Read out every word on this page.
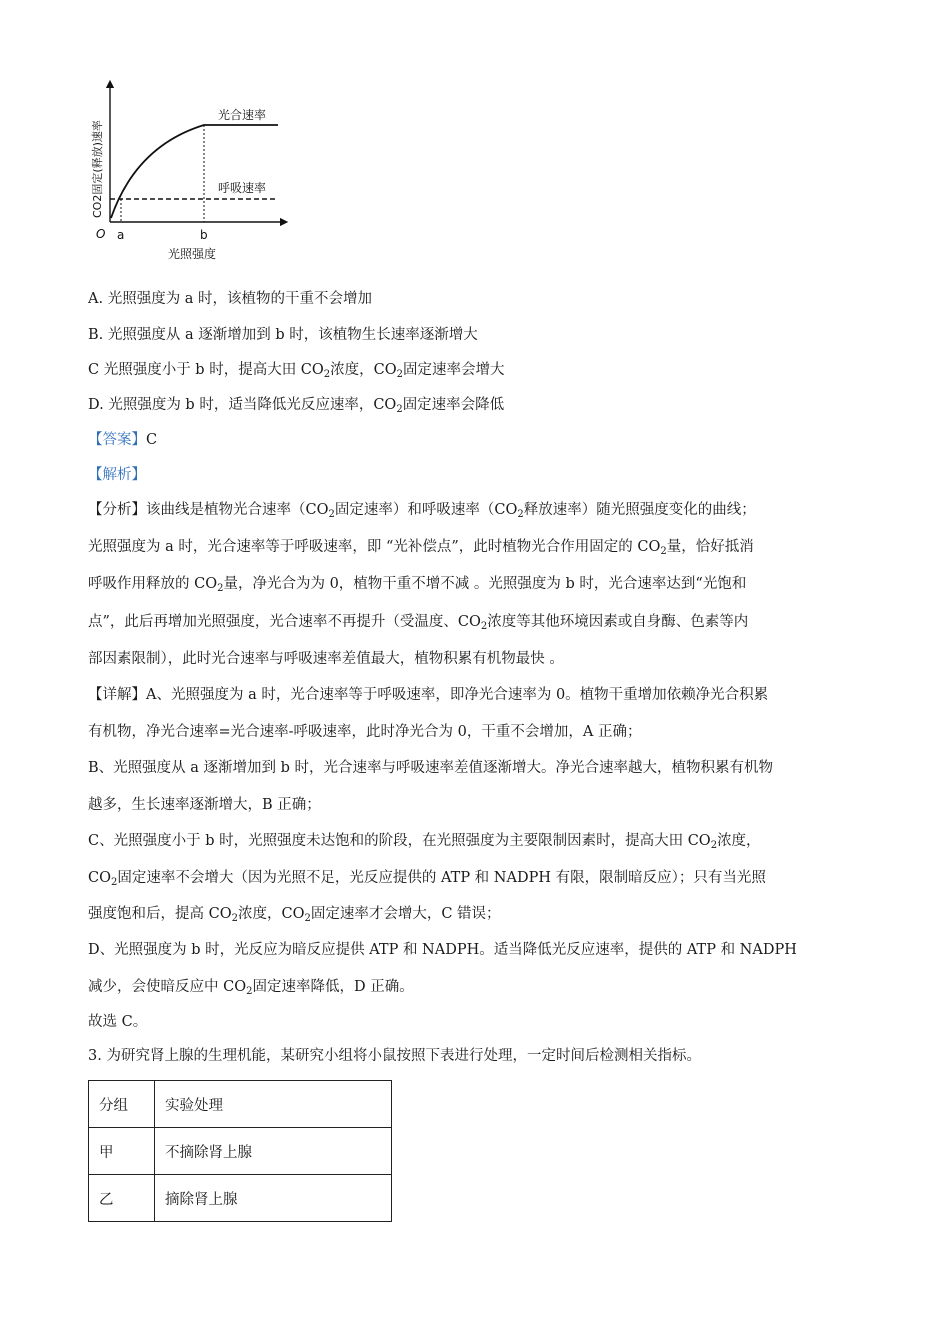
光合速率
呼吸速率
O a	b
光照强度
CO2固定(释放)速率
A. 光照强度为 a 时，该植物的干重不会增加
B. 光照强度从 a 逐渐增加到 b 时，该植物生长速率逐渐增大
C 光照强度小于 b 时，提高大田 $CO_2$浓度，$CO_2$固定速率会增大
D. 光照强度为 b 时，适当降低光反应速率，$CO_2$固定速率会降低
【答案】C
【解析】
【分析】该曲线是植物光合速率（$CO_2$固定速率）和呼吸速率（$CO_2$释放速率）随光照强度变化的曲线；
光照强度为 a 时，光合速率等于呼吸速率，即 “光补偿点”，此时植物光合作用固定的 $CO_2$量，恰好抵消
呼吸作用释放的 $CO_2$量，净光合为为 0，植物干重不增不减 。光照强度为 b 时，光合速率达到“光饱和
点”，此后再增加光照强度，光合速率不再提升（受温度、$CO_2$浓度等其他环境因素或自身酶、色素等内
部因素限制），此时光合速率与呼吸速率差值最大，植物积累有机物最快 。
【详解】A、光照强度为 a 时，光合速率等于呼吸速率，即净光合速率为 0。植物干重增加依赖净光合积累
有机物，净光合速率=光合速率-呼吸速率，此时净光合为 0，干重不会增加，A 正确；
B、光照强度从 a 逐渐增加到 b 时，光合速率与呼吸速率差值逐渐增大。净光合速率越大，植物积累有机物
越多，生长速率逐渐增大，B 正确；
C、光照强度小于 b 时，光照强度未达饱和的阶段，在光照强度为主要限制因素时，提高大田 $CO_2$浓度，
$CO_2$固定速率不会增大（因为光照不足，光反应提供的 ATP 和 NADPH 有限，限制暗反应）；只有当光照
强度饱和后，提高 $CO_2$浓度，$CO_2$固定速率才会增大，C 错误；
D、光照强度为 b 时，光反应为暗反应提供 ATP 和 NADPH。适当降低光反应速率，提供的 ATP 和 NADPH
减少，会使暗反应中 $CO_2$固定速率降低，D 正确。
故选 C。
3. 为研究肾上腺的生理机能，某研究小组将小鼠按照下表进行处理，一定时间后检测相关指标。
分组	实验处理
甲	不摘除肾上腺
乙	摘除肾上腺
